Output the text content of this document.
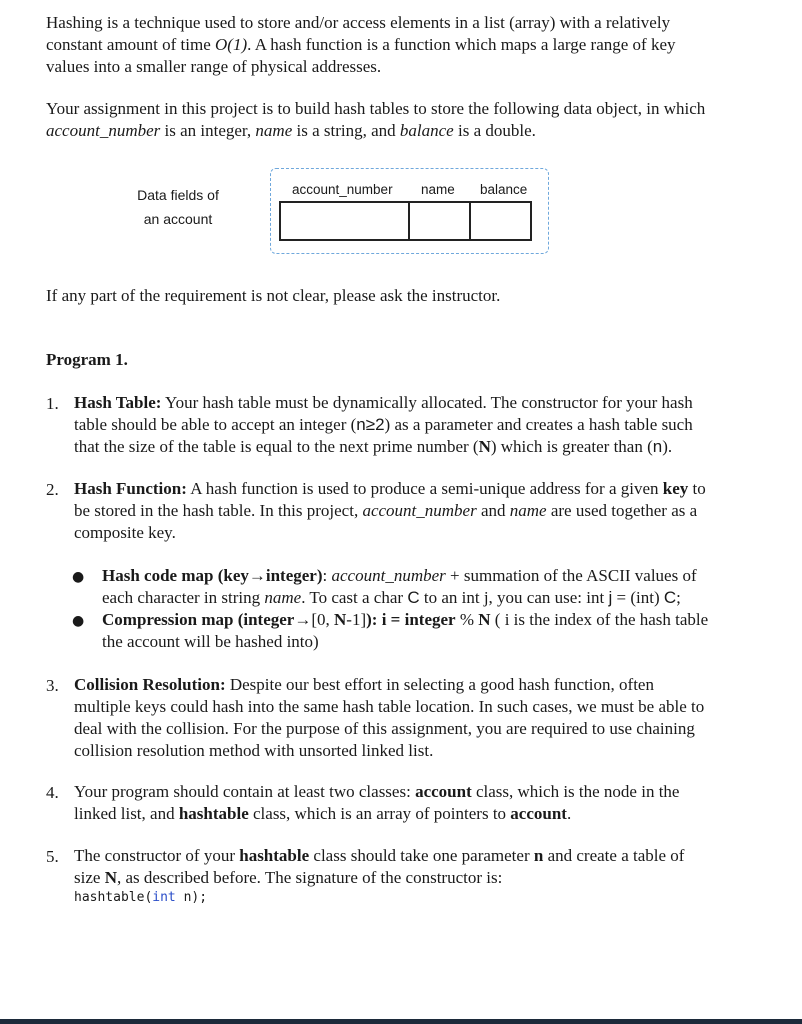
Hashing is a technique used to store and/or access elements in a list (array) with a relatively
constant amount of time O(1). A hash function is a function which maps a large range of key
values into a smaller range of physical addresses.

Your assignment in this project is to build hash tables to store the following data object, in which
account_number is an integer, name is a string, and balance is a double.

Data fields of
an account
account_number name balance

If any part of the requirement is not clear, please ask the instructor.

Program 1.

1. Hash Table: Your hash table must be dynamically allocated. The constructor for your hash
table should be able to accept an integer (n≥2) as a parameter and creates a hash table such
that the size of the table is equal to the next prime number (N) which is greater than (n).

2. Hash Function: A hash function is used to produce a semi-unique address for a given key to
be stored in the hash table. In this project, account_number and name are used together as a
composite key.

●	Hash code map (key→integer): account_number + summation of the ASCII values of
each character in string name. To cast a char C to an int j, you can use: int j = (int) C;

●	Compression map (integer→[0, N-1]): i = integer % N ( i is the index of the hash table
the account will be hashed into)

3. Collision Resolution: Despite our best effort in selecting a good hash function, often
multiple keys could hash into the same hash table location. In such cases, we must be able to
deal with the collision. For the purpose of this assignment, you are required to use chaining
collision resolution method with unsorted linked list.

4. Your program should contain at least two classes: account class, which is the node in the
linked list, and hashtable class, which is an array of pointers to account.

5. The constructor of your hashtable class should take one parameter n and create a table of
size N, as described before. The signature of the constructor is:

hashtable(int n);
